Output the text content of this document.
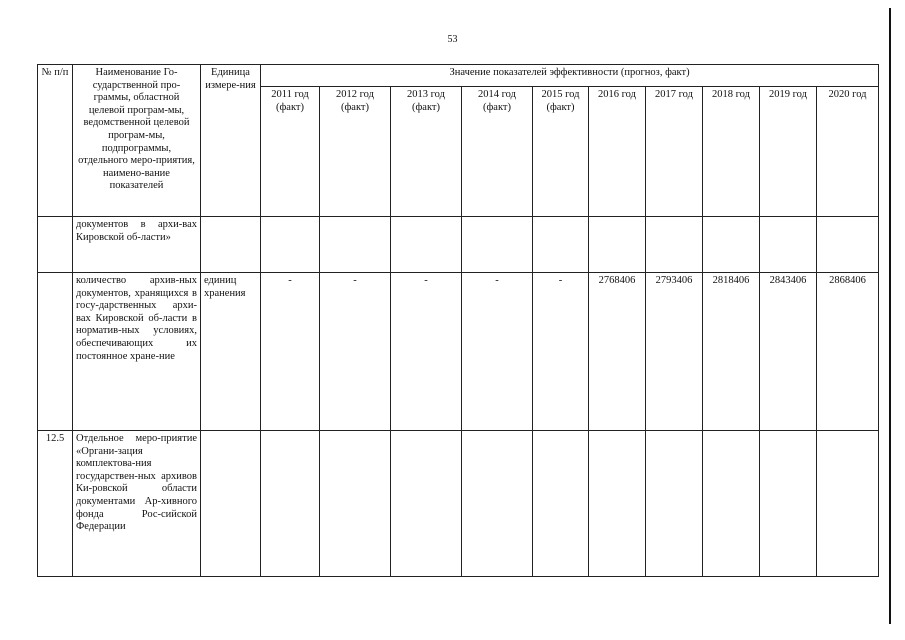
53
№ п/п	Наименование Го-сударственной про-граммы, областной целевой програм-мы, ведомственной целевой програм-мы, подпрограммы, отдельного меро-приятия, наимено-вание показателей	Единица измере-ния	Значение показателей эффективности (прогноз, факт)									
			2011 год (факт)	2012 год (факт)	2013 год (факт)	2014 год (факт)	2015 год (факт)	2016 год	2017 год	2018 год	2019 год	2020 год
	документов в архи-вах Кировской об-ласти»											
	количество архив-ных документов, хранящихся в госу-дарственных архи-вах Кировской об-ласти в норматив-ных условиях, обеспечивающих их постоянное хране-ние	единиц хранения	-	-	-	-	-	2768406	2793406	2818406	2843406	2868406
12.5	Отдельное меро-приятие «Органи-зация комплектова-ния государствен-ных архивов Ки-ровской области документами Ар-хивного фонда Рос-сийской Федерации											
